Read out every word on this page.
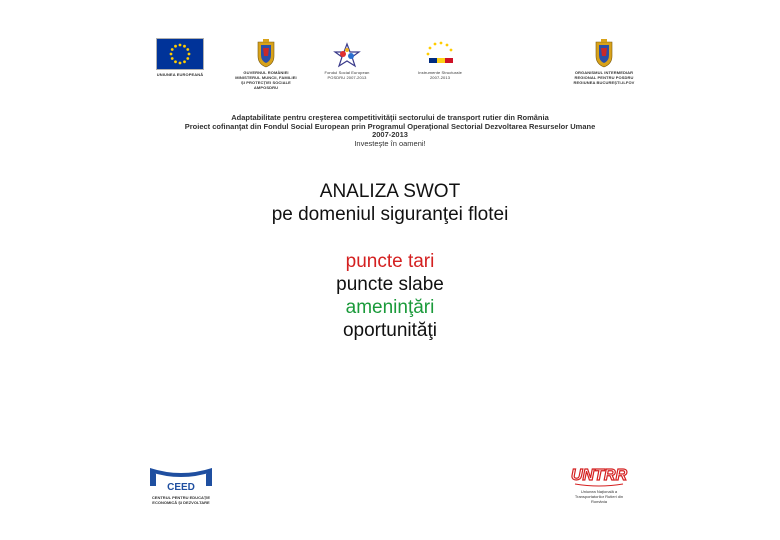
UNIUNEA EUROPEANĂ	GUVERNUL ROMÂNIEI
MINISTERUL MUNCII, FAMILIEI
ŞI PROTECŢIEI SOCIALE
AMPOSDRU
Fondul Social European
POSDRU 2007-2013
Instrumente Structurale
2007-2013
ORGANISMUL INTERMEDIAR
REGIONAL PENTRU POSDRU
REGIUNEA BUCUREŞTI-ILFOV
Adaptabilitate pentru creşterea competitivităţii sectorului de transport rutier din România
Proiect cofinanţat din Fondul Social European prin Programul Operaţional Sectorial Dezvoltarea Resurselor Umane
2007-2013
Investeşte în oameni!
ANALIZA SWOT
pe domeniul siguranţei flotei
puncte tari
puncte slabe
ameninţări
oportunităţi
CEED
CENTRUL PENTRU EDUCAŢIE
ECONOMICĂ ŞI DEZVOLTARE
UNTRR
Uniunea Naţională a
Transportatorilor Rutieri din
România
